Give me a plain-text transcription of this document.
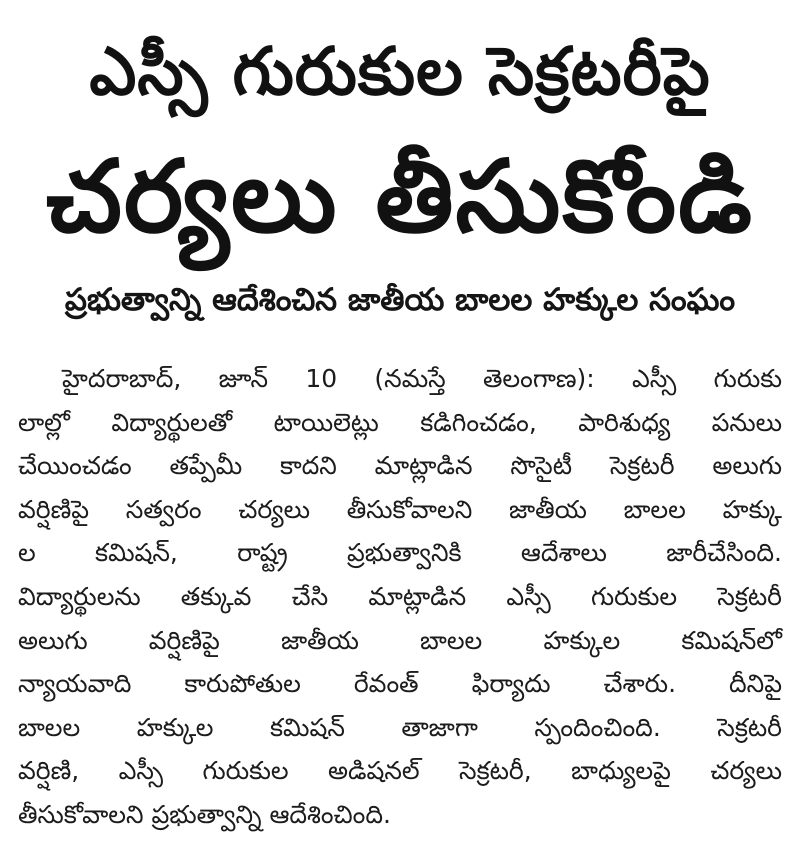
ఎస్సీ గురుకుల సెక్రటరీపై
చర్యలు తీసుకోండి
ప్రభుత్వాన్ని ఆదేశించిన జాతీయ బాలల హక్కుల సంఘం
హైదరాబాద్, జూన్ 10 (నమస్తే తెలంగాణ): ఎస్సీ గురుకు
లాల్లో విద్యార్థులతో టాయిలెట్లు కడిగించడం, పారిశుధ్య పనులు
చేయించడం తప్పేమీ కాదని మాట్లాడిన సొసైటీ సెక్రటరీ అలుగు
వర్షిణిపై సత్వరం చర్యలు తీసుకోవాలని జాతీయ బాలల హక్కు
ల కమిషన్, రాష్ట్ర ప్రభుత్వానికి ఆదేశాలు జారీచేసింది.
విద్యార్థులను తక్కువ చేసి మాట్లాడిన ఎస్సీ గురుకుల సెక్రటరీ
అలుగు వర్షిణిపై జాతీయ బాలల హక్కుల కమిషన్‌లో
న్యాయవాది కారుపోతుల రేవంత్ ఫిర్యాదు చేశారు. దీనిపై
బాలల హక్కుల కమిషన్ తాజాగా స్పందించింది. సెక్రటరీ
వర్షిణి, ఎస్సీ గురుకుల అడిషనల్ సెక్రటరీ, బాధ్యులపై చర్యలు
తీసుకోవాలని ప్రభుత్వాన్ని ఆదేశించింది.
